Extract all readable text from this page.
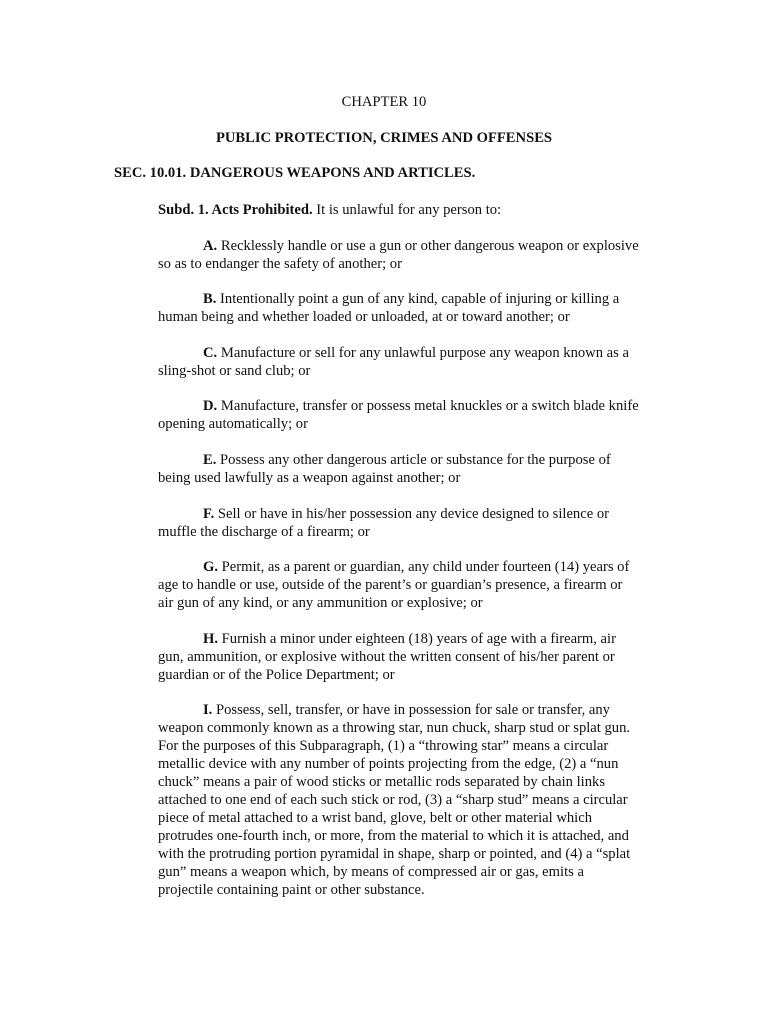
CHAPTER 10

PUBLIC PROTECTION, CRIMES AND OFFENSES

SEC. 10.01. DANGEROUS WEAPONS AND ARTICLES.

Subd. 1. Acts Prohibited. It is unlawful for any person to:

A. Recklessly handle or use a gun or other dangerous weapon or explosive
so as to endanger the safety of another; or

B. Intentionally point a gun of any kind, capable of injuring or killing a
human being and whether loaded or unloaded, at or toward another; or

C. Manufacture or sell for any unlawful purpose any weapon known as a
sling-shot or sand club; or

D. Manufacture, transfer or possess metal knuckles or a switch blade knife
opening automatically; or

E. Possess any other dangerous article or substance for the purpose of
being used lawfully as a weapon against another; or

F. Sell or have in his/her possession any device designed to silence or
muffle the discharge of a firearm; or

G. Permit, as a parent or guardian, any child under fourteen (14) years of
age to handle or use, outside of the parent’s or guardian’s presence, a firearm or
air gun of any kind, or any ammunition or explosive; or

H. Furnish a minor under eighteen (18) years of age with a firearm, air
gun, ammunition, or explosive without the written consent of his/her parent or
guardian or of the Police Department; or

I. Possess, sell, transfer, or have in possession for sale or transfer, any
weapon commonly known as a throwing star, nun chuck, sharp stud or splat gun.
For the purposes of this Subparagraph, (1) a “throwing star” means a circular
metallic device with any number of points projecting from the edge, (2) a “nun
chuck” means a pair of wood sticks or metallic rods separated by chain links
attached to one end of each such stick or rod, (3) a “sharp stud” means a circular
piece of metal attached to a wrist band, glove, belt or other material which
protrudes one-fourth inch, or more, from the material to which it is attached, and
with the protruding portion pyramidal in shape, sharp or pointed, and (4) a “splat
gun” means a weapon which, by means of compressed air or gas, emits a
projectile containing paint or other substance.
